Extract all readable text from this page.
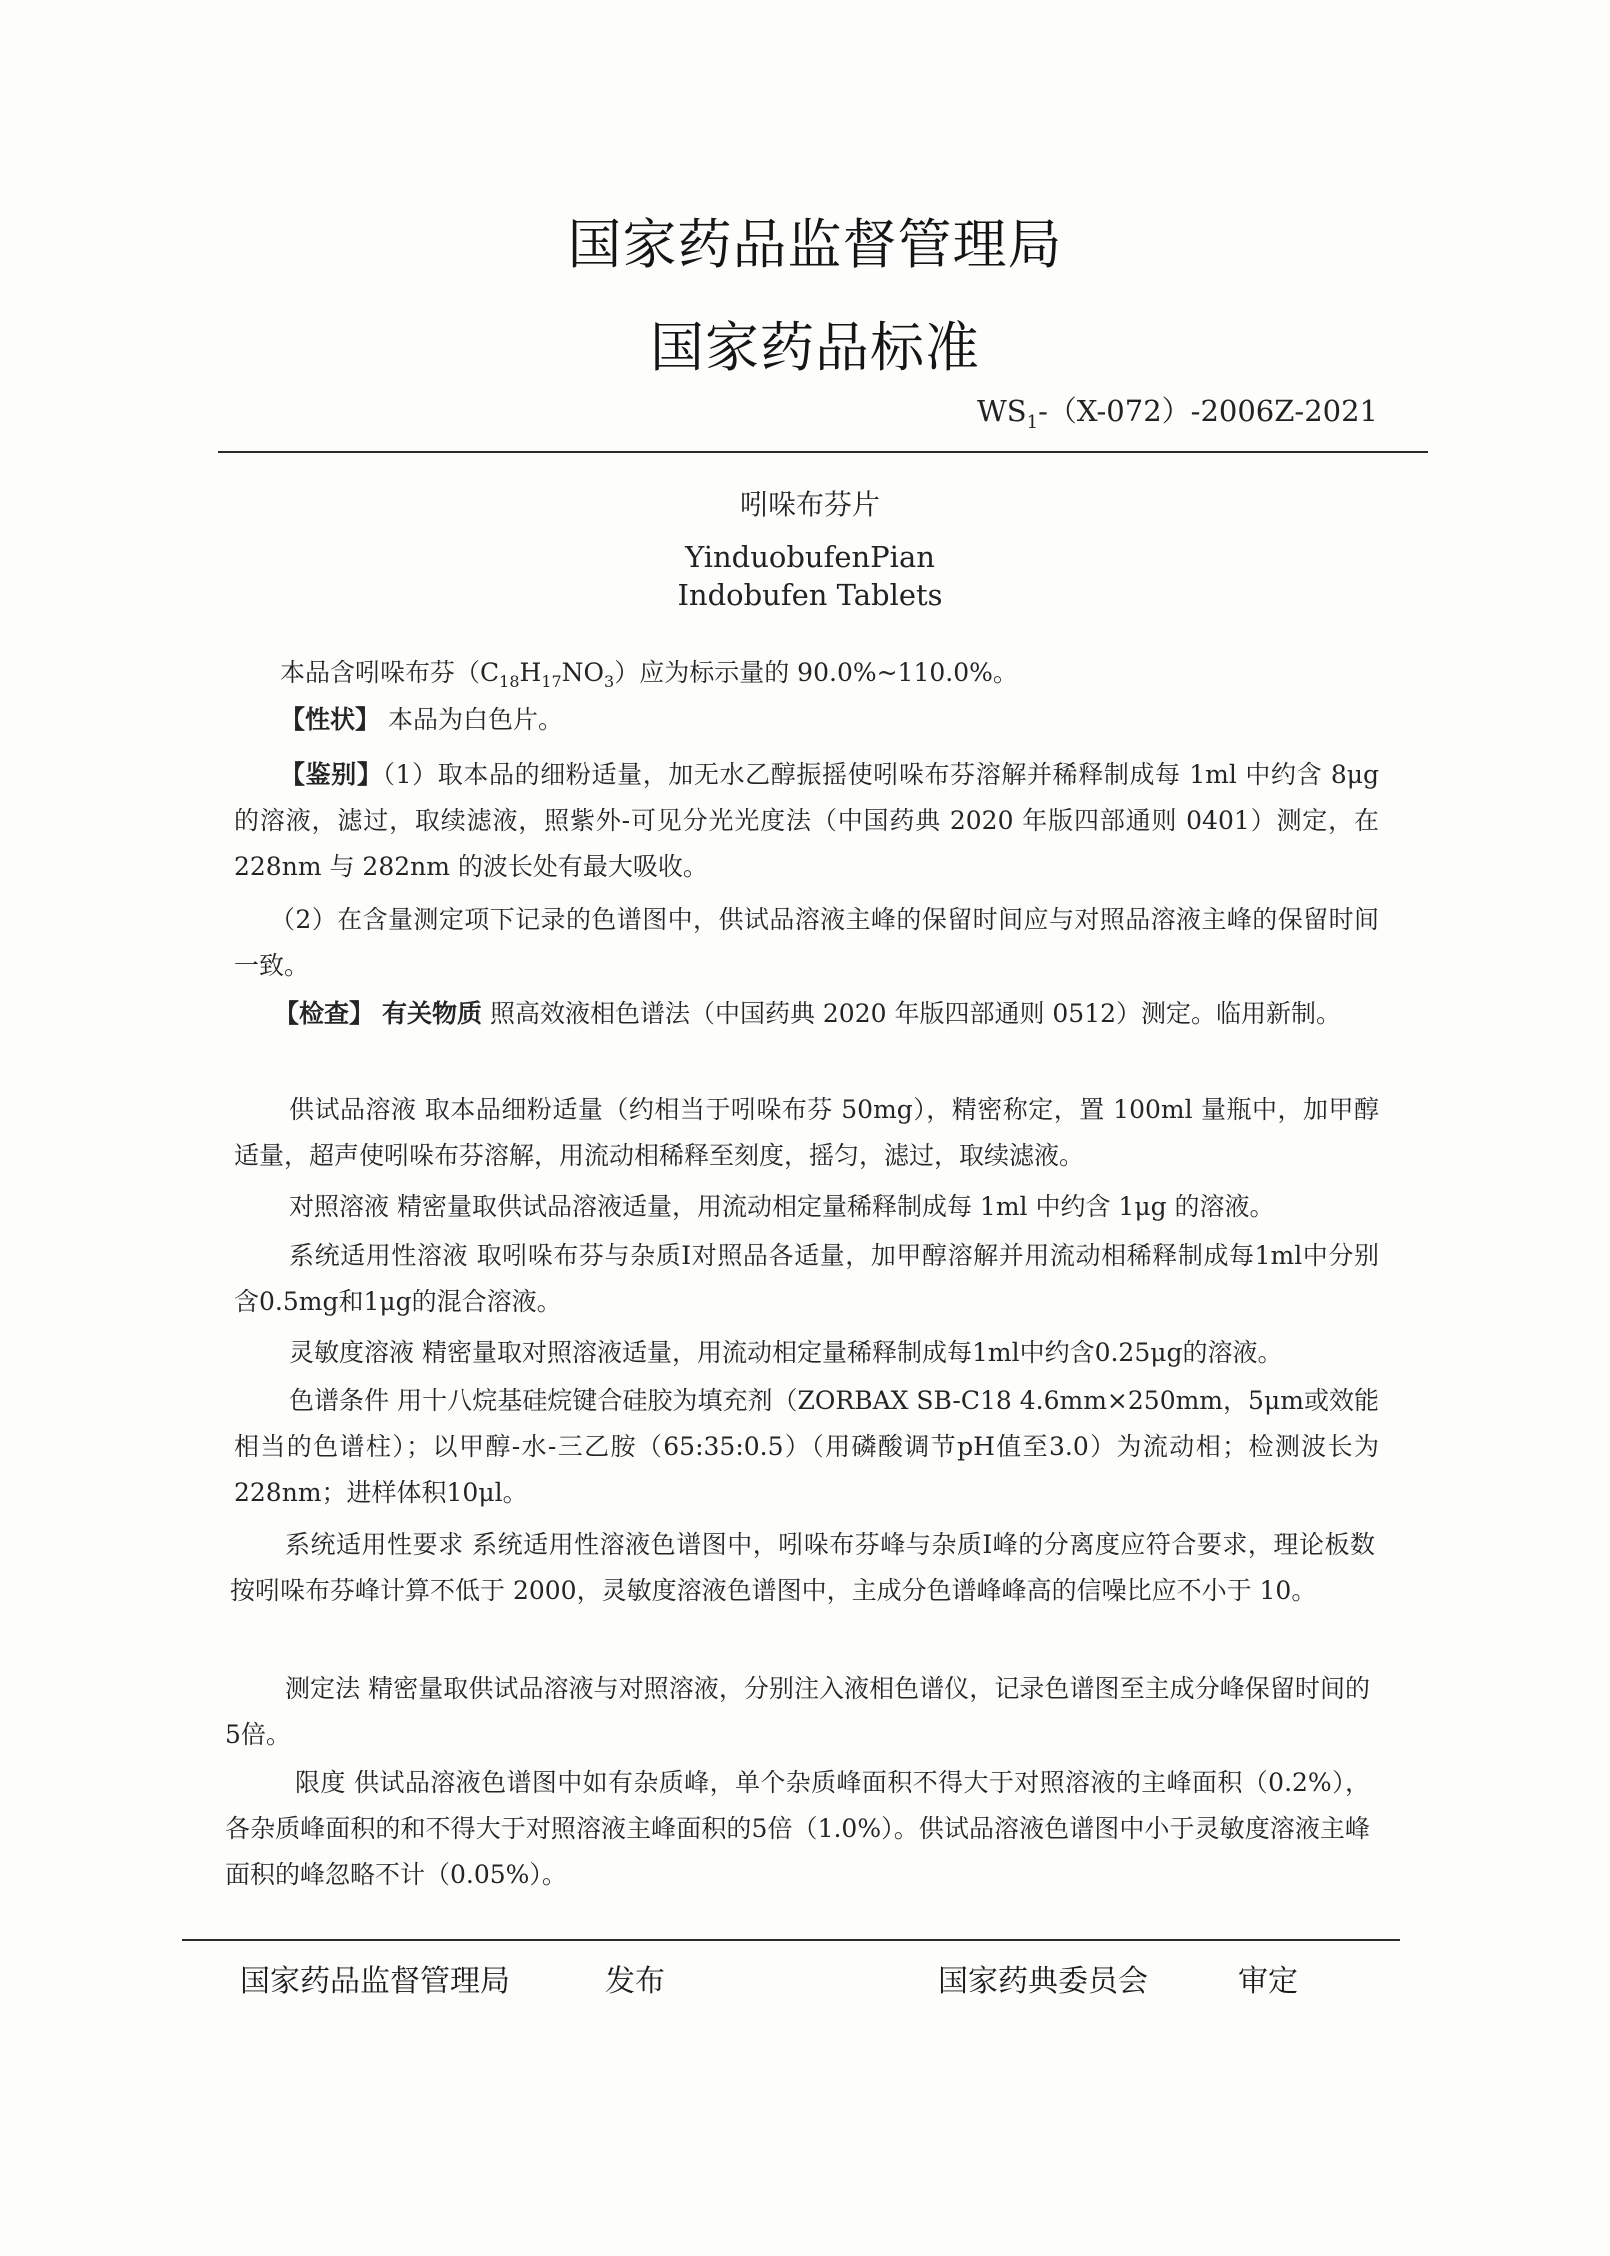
国家药品监督管理局
国家药品标准
$WS_1-(X-072)-2006Z-2021$
吲哚布芬片
YinduobufenPian
Indobufen Tablets
本品含吲哚布芬$(C_{18}H_{17}NO_3)$应为标示量的 90.0%~110.0%。
【性状】 本品为白色片。
【鉴别】（1）取本品的细粉适量，加无水乙醇振摇使吲哚布芬溶解并稀释制成每 1ml 中约含 8μg 的溶液，滤过，取续滤液，照紫外-可见分光光度法（中国药典 2020 年版四部通则 0401）测定，在 228nm 与 282nm 的波长处有最大吸收。
（2）在含量测定项下记录的色谱图中，供试品溶液主峰的保留时间应与对照品溶液主峰的保留时间一致。
【检查】 有关物质 照高效液相色谱法（中国药典 2020 年版四部通则 0512）测定。临用新制。
供试品溶液 取本品细粉适量（约相当于吲哚布芬 50mg），精密称定，置 100ml 量瓶中，加甲醇适量，超声使吲哚布芬溶解，用流动相稀释至刻度，摇匀，滤过，取续滤液。
对照溶液 精密量取供试品溶液适量，用流动相定量稀释制成每 1ml 中约含 1μg 的溶液。
系统适用性溶液 取吲哚布芬与杂质Ⅰ对照品各适量，加甲醇溶解并用流动相稀释制成每1ml中分别含0.5mg和1μg的混合溶液。
灵敏度溶液 精密量取对照溶液适量，用流动相定量稀释制成每1ml中约含0.25μg的溶液。
色谱条件 用十八烷基硅烷键合硅胶为填充剂（ZORBAX SB-C18 4.6mm×250mm，5μm或效能相当的色谱柱）；以甲醇-水-三乙胺（65:35:0.5）（用磷酸调节pH值至3.0）为流动相；检测波长为228nm；进样体积10μl。
系统适用性要求 系统适用性溶液色谱图中，吲哚布芬峰与杂质Ⅰ峰的分离度应符合要求，理论板数按吲哚布芬峰计算不低于 2000，灵敏度溶液色谱图中，主成分色谱峰峰高的信噪比应不小于 10。
测定法 精密量取供试品溶液与对照溶液，分别注入液相色谱仪，记录色谱图至主成分峰保留时间的5倍。
限度 供试品溶液色谱图中如有杂质峰，单个杂质峰面积不得大于对照溶液的主峰面积（0.2%），各杂质峰面积的和不得大于对照溶液主峰面积的5倍（1.0%）。供试品溶液色谱图中小于灵敏度溶液主峰面积的峰忽略不计（0.05%）。
国家药品监督管理局	发布	国家药典委员会	审定
